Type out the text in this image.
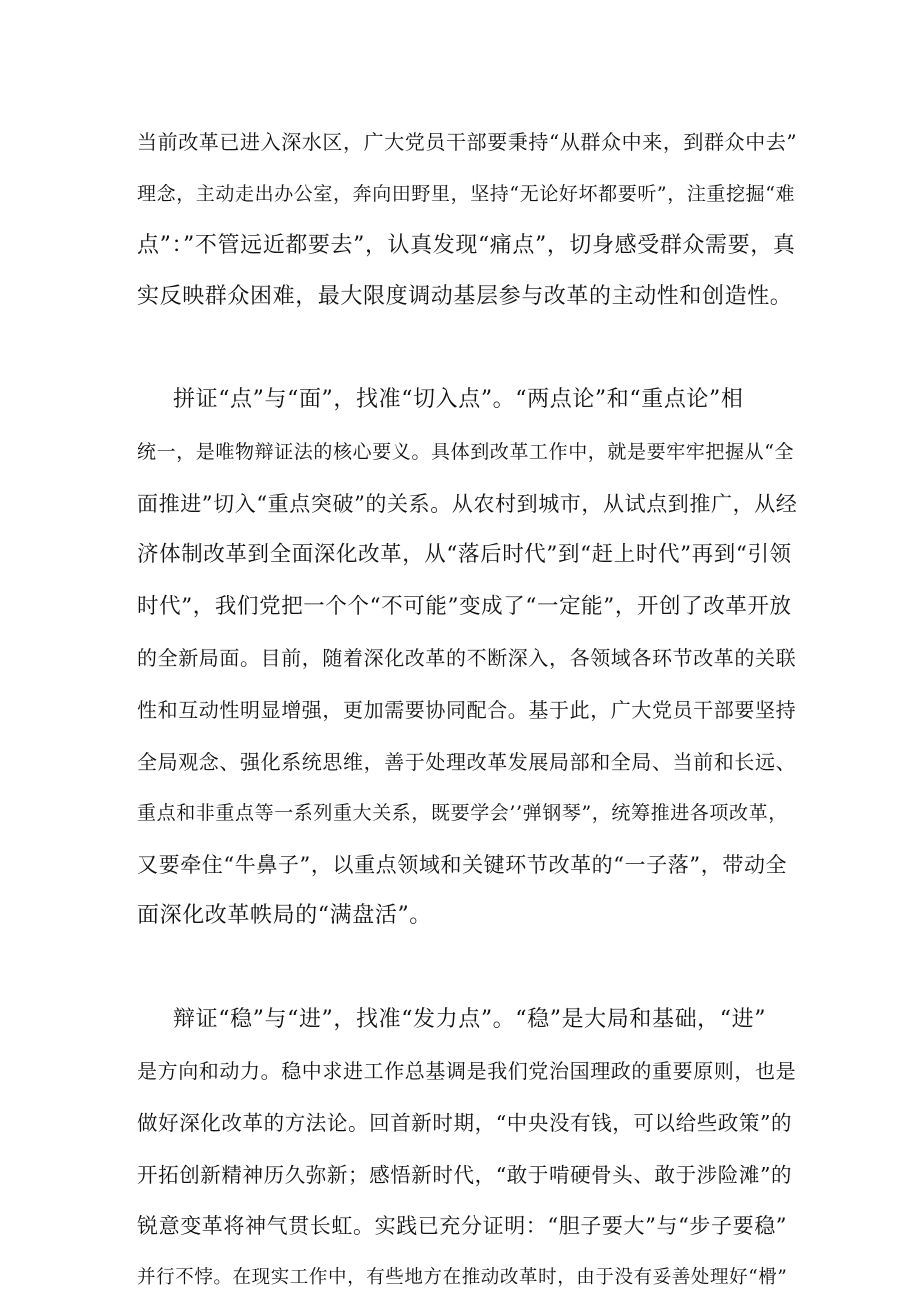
当前改革已进入深水区，广大党员干部要秉持“从群众中来，到群众中去”
理念，主动走出办公室，奔向田野里，坚持“无论好坏都要听”，注重挖掘“难
点”：”不管远近都要去”，认真发现“痛点”，切身感受群众需要，真
实反映群众困难，最大限度调动基层参与改革的主动性和创造性。
拼证“点”与“面”，找准“切入点”。“两点论”和“重点论”相
统一，是唯物辩证法的核心要义。具体到改革工作中，就是要牢牢把握从“全
面推进”切入“重点突破”的关系。从农村到城市，从试点到推广，从经
济体制改革到全面深化改革，从“落后时代”到“赶上时代”再到“引领
时代”，我们党把一个个“不可能”变成了“一定能”，开创了改革开放
的全新局面。目前，随着深化改革的不断深入，各领域各环节改革的关联
性和互动性明显增强，更加需要协同配合。基于此，广大党员干部要坚持
全局观念、强化系统思维，善于处理改革发展局部和全局、当前和长远、
重点和非重点等一系列重大关系，既要学会’’弹钢琴”，统筹推进各项改革，
又要牵住“牛鼻子”，以重点领域和关键环节改革的“一子落”，带动全
面深化改革帙局的“满盘活”。
辩证“稳”与“进”，找准“发力点”。“稳”是大局和基础，“进”
是方向和动力。稳中求进工作总基调是我们党治国理政的重要原则，也是
做好深化改革的方法论。回首新时期，“中央没有钱，可以给些政策”的
开拓创新精神历久弥新；感悟新时代，“敢于啃硬骨头、敢于涉险滩”的
锐意变革将神气贯长虹。实践已充分证明：“胆子要大”与“步子要稳”
并行不悖。在现实工作中，有些地方在推动改革时，由于没有妥善处理好“榾”
